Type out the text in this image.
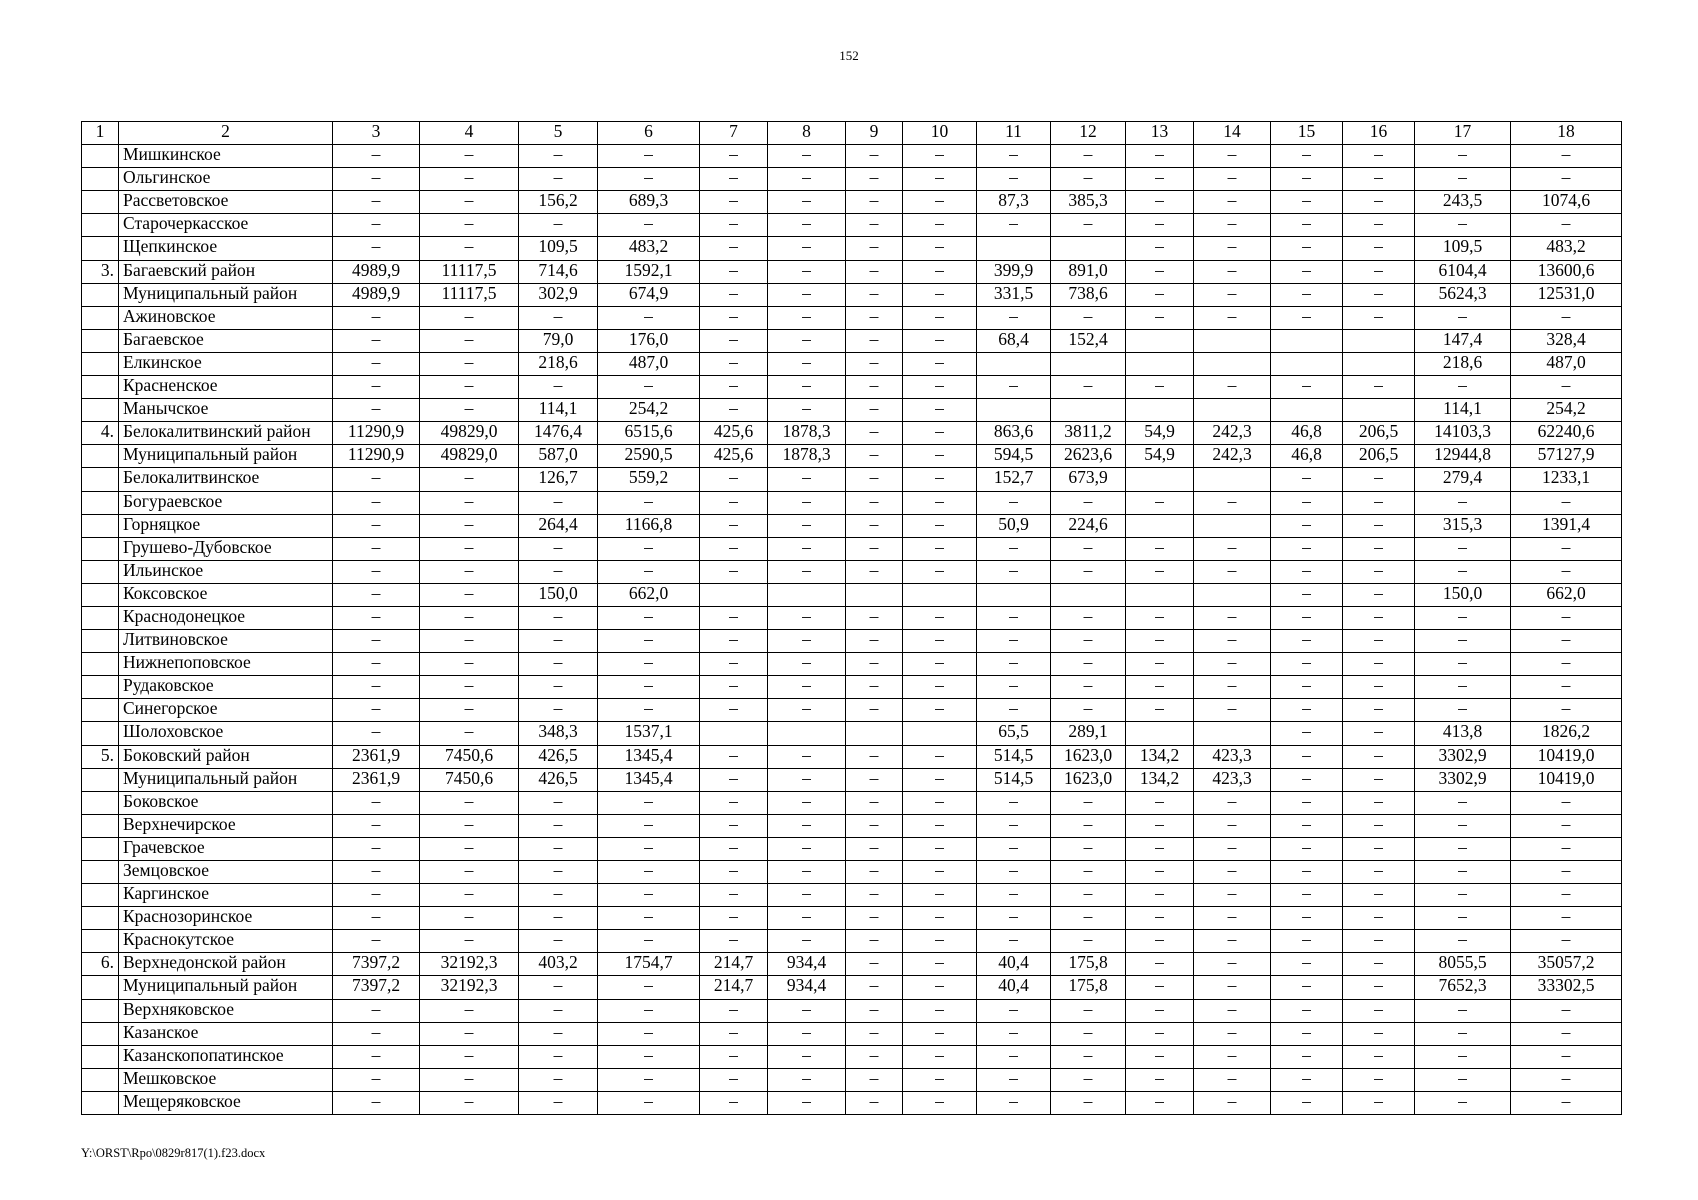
152
1	2	3	4	5	6	7	8	9	10	11	12	13	14	15	16	17	18
	Мишкинское	–	–	–	–	–	–	–	–	–	–	–	–	–	–	–	–
	Ольгинское	–	–	–	–	–	–	–	–	–	–	–	–	–	–	–	–
	Рассветовское	–	–	156,2	689,3	–	–	–	–	87,3	385,3	–	–	–	–	243,5	1074,6
	Старочеркасское	–	–	–	–	–	–	–	–	–	–	–	–	–	–	–	–
	Щепкинское	–	–	109,5	483,2	–	–	–	–			–	–	–	–	109,5	483,2
3.	Багаевский район	4989,9	11117,5	714,6	1592,1	–	–	–	–	399,9	891,0	–	–	–	–	6104,4	13600,6
	Муниципальный район	4989,9	11117,5	302,9	674,9	–	–	–	–	331,5	738,6	–	–	–	–	5624,3	12531,0
	Ажиновское	–	–	–	–	–	–	–	–	–	–	–	–	–	–	–	–
	Багаевское	–	–	79,0	176,0	–	–	–	–	68,4	152,4					147,4	328,4
	Елкинское	–	–	218,6	487,0	–	–	–	–							218,6	487,0
	Красненское	–	–	–	–	–	–	–	–	–	–	–	–	–	–	–	–
	Манычское	–	–	114,1	254,2	–	–	–	–							114,1	254,2
4.	Белокалитвинский район	11290,9	49829,0	1476,4	6515,6	425,6	1878,3	–	–	863,6	3811,2	54,9	242,3	46,8	206,5	14103,3	62240,6
	Муниципальный район	11290,9	49829,0	587,0	2590,5	425,6	1878,3	–	–	594,5	2623,6	54,9	242,3	46,8	206,5	12944,8	57127,9
	Белокалитвинское	–	–	126,7	559,2	–	–	–	–	152,7	673,9			–	–	279,4	1233,1
	Богураевское	–	–	–	–	–	–	–	–	–	–	–	–	–	–	–	–
	Горняцкое	–	–	264,4	1166,8	–	–	–	–	50,9	224,6			–	–	315,3	1391,4
	Грушево-Дубовское	–	–	–	–	–	–	–	–	–	–	–	–	–	–	–	–
	Ильинское	–	–	–	–	–	–	–	–	–	–	–	–	–	–	–	–
	Коксовское	–	–	150,0	662,0									–	–	150,0	662,0
	Краснодонецкое	–	–	–	–	–	–	–	–	–	–	–	–	–	–	–	–
	Литвиновское	–	–	–	–	–	–	–	–	–	–	–	–	–	–	–	–
	Нижнепоповское	–	–	–	–	–	–	–	–	–	–	–	–	–	–	–	–
	Рудаковское	–	–	–	–	–	–	–	–	–	–	–	–	–	–	–	–
	Синегорское	–	–	–	–	–	–	–	–	–	–	–	–	–	–	–	–
	Шолоховское	–	–	348,3	1537,1					65,5	289,1			–	–	413,8	1826,2
5.	Боковский район	2361,9	7450,6	426,5	1345,4	–	–	–	–	514,5	1623,0	134,2	423,3	–	–	3302,9	10419,0
	Муниципальный район	2361,9	7450,6	426,5	1345,4	–	–	–	–	514,5	1623,0	134,2	423,3	–	–	3302,9	10419,0
	Боковское	–	–	–	–	–	–	–	–	–	–	–	–	–	–	–	–
	Верхнечирское	–	–	–	–	–	–	–	–	–	–	–	–	–	–	–	–
	Грачевское	–	–	–	–	–	–	–	–	–	–	–	–	–	–	–	–
	Земцовское	–	–	–	–	–	–	–	–	–	–	–	–	–	–	–	–
	Каргинское	–	–	–	–	–	–	–	–	–	–	–	–	–	–	–	–
	Краснозоринское	–	–	–	–	–	–	–	–	–	–	–	–	–	–	–	–
	Краснокутское	–	–	–	–	–	–	–	–	–	–	–	–	–	–	–	–
6.	Верхнедонской район	7397,2	32192,3	403,2	1754,7	214,7	934,4	–	–	40,4	175,8	–	–	–	–	8055,5	35057,2
	Муниципальный район	7397,2	32192,3	–	–	214,7	934,4	–	–	40,4	175,8	–	–	–	–	7652,3	33302,5
	Верхняковское	–	–	–	–	–	–	–	–	–	–	–	–	–	–	–	–
	Казанское	–	–	–	–	–	–	–	–	–	–	–	–	–	–	–	–
	Казанскопопатинское	–	–	–	–	–	–	–	–	–	–	–	–	–	–	–	–
	Мешковское	–	–	–	–	–	–	–	–	–	–	–	–	–	–	–	–
	Мещеряковское	–	–	–	–	–	–	–	–	–	–	–	–	–	–	–	–
Y:\ORST\Rpo\0829r817(1).f23.docx
